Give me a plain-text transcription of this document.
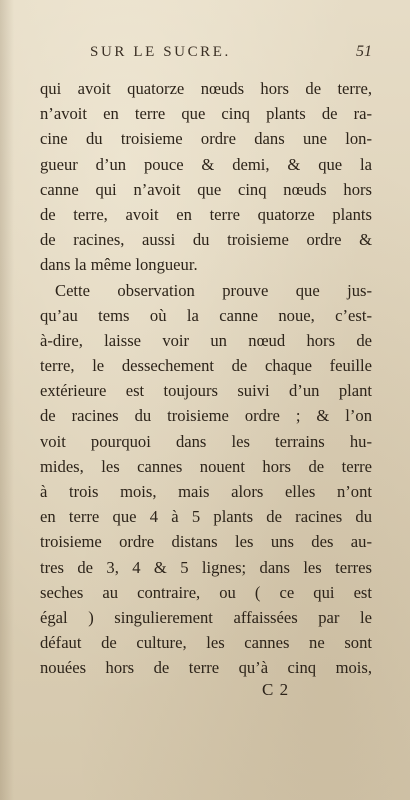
SUR LE SUCRE.	51
qui avoit quatorze nœuds hors de terre,
n’avoit en terre que cinq plants de ra-
cine du troisieme ordre dans une lon-
gueur d’un pouce & demi, & que la
canne qui n’avoit que cinq nœuds hors
de terre, avoit en terre quatorze plants
de racines, aussi du troisieme ordre &
dans la même longueur.
Cette observation prouve que jus-
qu’au tems où la canne noue, c’est-
à-dire, laisse voir un nœud hors de
terre, le dessechement de chaque feuille
extérieure est toujours suivi d’un plant
de racines du troisieme ordre ; & l’on
voit pourquoi dans les terrains hu-
mides, les cannes nouent hors de terre
à trois mois, mais alors elles n’ont
en terre que 4 à 5 plants de racines du
troisieme ordre distans les uns des au-
tres de 3, 4 & 5 lignes; dans les terres
seches au contraire, ou ( ce qui est
égal ) singulierement affaissées par le
défaut de culture, les cannes ne sont
nouées hors de terre qu’à cinq mois,
C 2
